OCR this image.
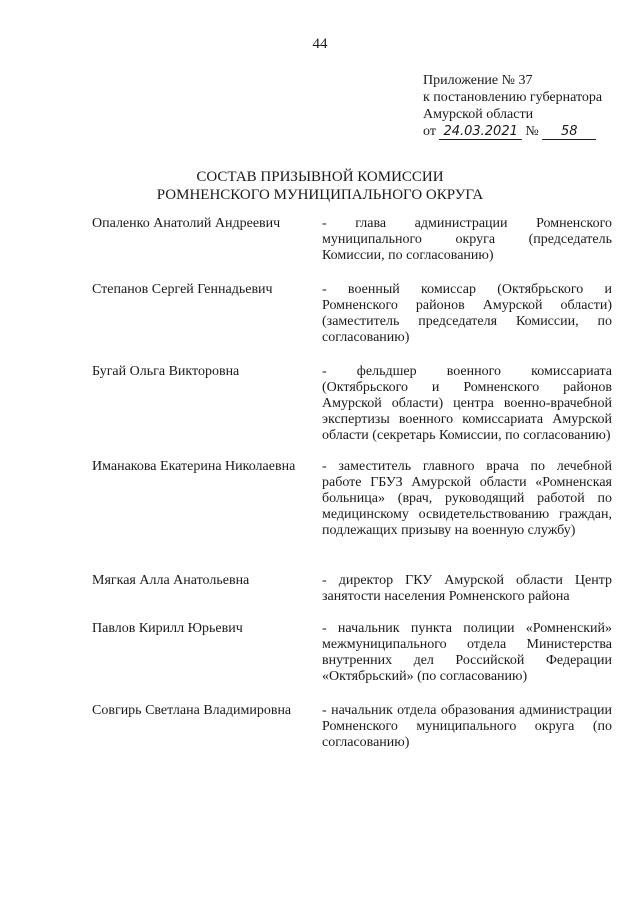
44
Приложение № 37
к постановлению губернатора
Амурской области
от 24.03.2021 № 58
СОСТАВ ПРИЗЫВНОЙ КОМИССИИ
РОМНЕНСКОГО МУНИЦИПАЛЬНОГО ОКРУГА
Опаленко Анатолий Андреевич	- глава администрации Ромненского муниципального округа (председатель Комиссии, по согласованию)
Степанов Сергей Геннадьевич	- военный комиссар (Октябрьского и Ромненского районов Амурской области) (заместитель председателя Комиссии, по согласованию)
Бугай Ольга Викторовна	- фельдшер военного комиссариата (Октябрьского и Ромненского районов Амурской области) центра военно-врачебной экспертизы военного комиссариата Амурской области (секретарь Комиссии, по согласованию)
Иманакова Екатерина Николаевна	- заместитель главного врача по лечебной работе ГБУЗ Амурской области «Ромненская больница» (врач, руководящий работой по медицинскому освидетельствованию граждан, подлежащих призыву на военную службу)
Мягкая Алла Анатольевна	- директор ГКУ Амурской области Центр занятости населения Ромненского района
Павлов Кирилл Юрьевич	- начальник пункта полиции «Ромненский» межмуниципального отдела Министерства внутренних дел Российской Федерации «Октябрьский» (по согласованию)
Совгирь Светлана Владимировна	- начальник отдела образования администрации Ромненского муниципального округа (по согласованию)
